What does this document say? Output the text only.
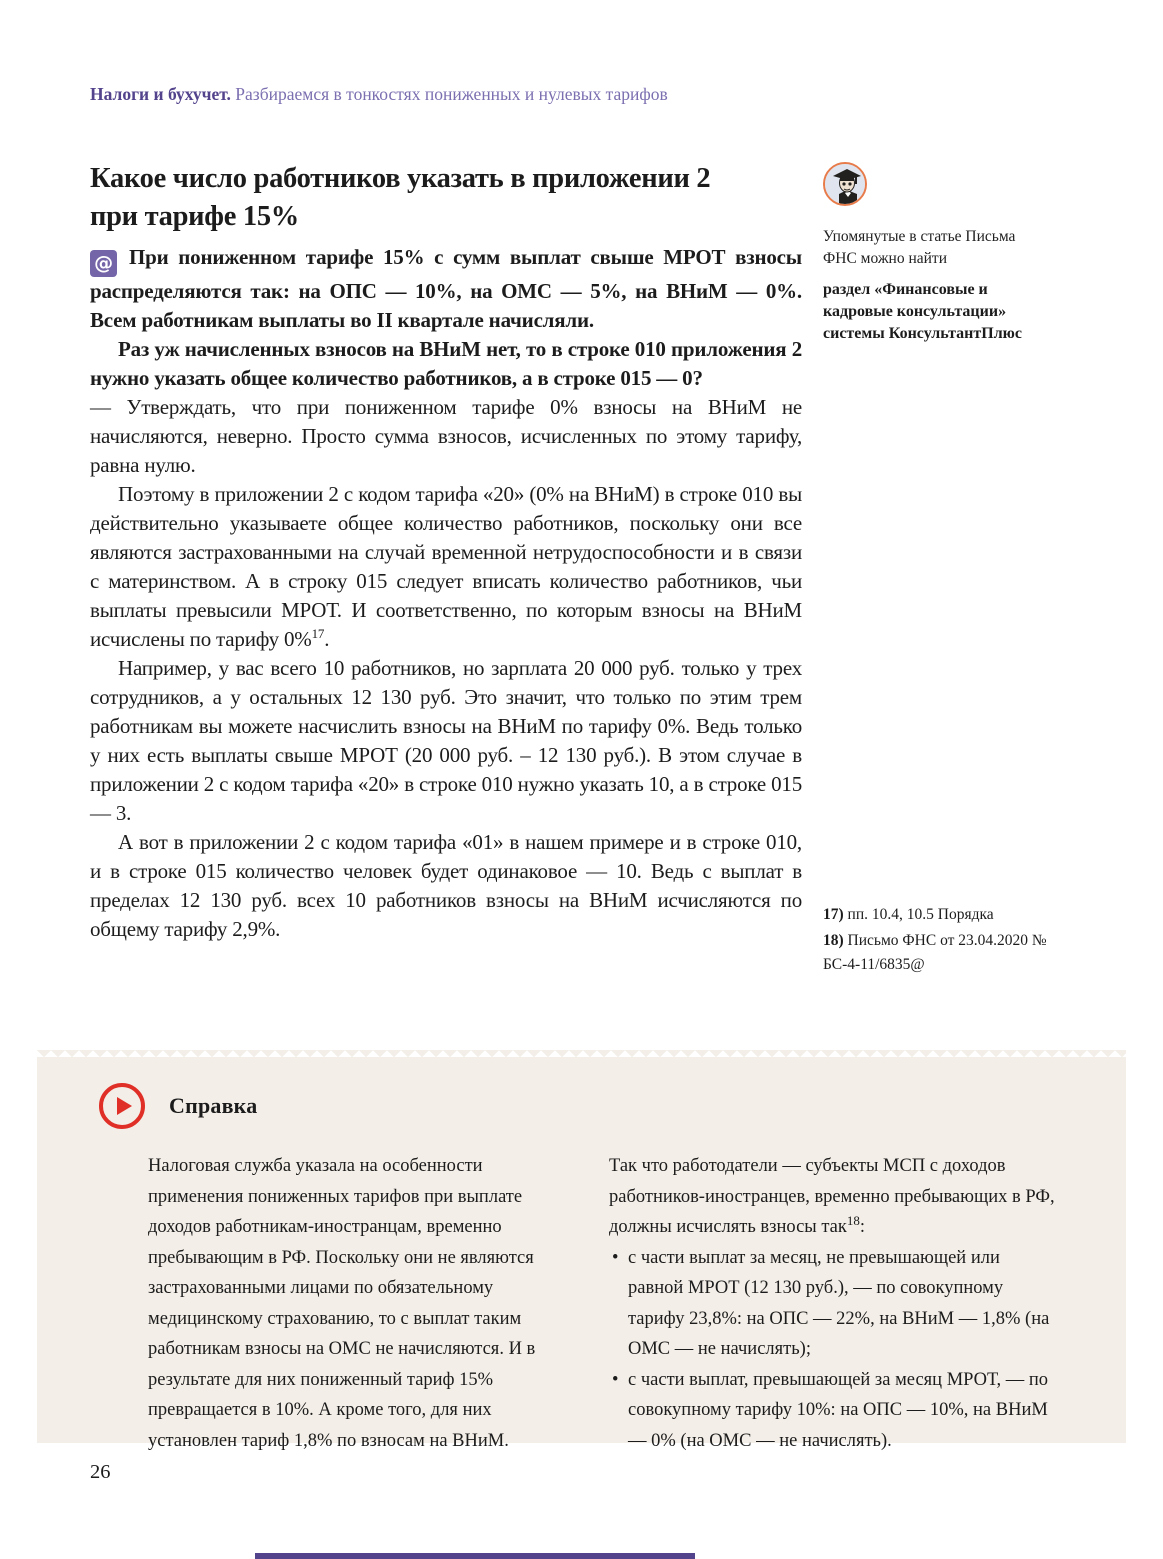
Налоги и бухучет. Разбираемся в тонкостях пониженных и нулевых тарифов
Какое число работников указать в приложении 2
при тарифе 15%

@ При пониженном тарифе 15% с сумм выплат свыше МРОТ взносы распределяются так: на ОПС — 10%, на ОМС — 5%, на ВНиМ — 0%. Всем работникам выплаты во II квартале начисляли.

Раз уж начисленных взносов на ВНиМ нет, то в строке 010 приложения 2 нужно указать общее количество работников, а в строке 015 — 0?

— Утверждать, что при пониженном тарифе 0% взносы на ВНиМ не начисляются, неверно. Просто сумма взносов, исчисленных по этому тарифу, равна нулю.

Поэтому в приложении 2 с кодом тарифа «20» (0% на ВНиМ) в строке 010 вы действительно указываете общее количество работников, поскольку они все являются застрахованными на случай временной нетрудоспособности и в связи с материнством. А в строку 015 следует вписать количество работников, чьи выплаты превысили МРОТ. И соответственно, по которым взносы на ВНиМ исчислены по тарифу 0%$^{17}$.

Например, у вас всего 10 работников, но зарплата 20 000 руб. только у трех сотрудников, а у остальных 12 130 руб. Это значит, что только по этим трем работникам вы можете насчислить взносы на ВНиМ по тарифу 0%. Ведь только у них есть выплаты свыше МРОТ (20 000 руб. – 12 130 руб.). В этом случае в приложении 2 с кодом тарифа «20» в строке 010 нужно указать 10, а в строке 015 — 3.

А вот в приложении 2 с кодом тарифа «01» в нашем примере и в строке 010, и в строке 015 количество человек будет одинаковое — 10. Ведь с выплат в пределах 12 130 руб. всех 10 работников взносы на ВНиМ исчисляются по общему тарифу 2,9%.

Упомянутые в статье Письма ФНС можно найти
раздел «Финансовые и кадровые консультации» системы КонсультантПлюс
17) пп. 10.4, 10.5 Порядка
18) Письмо ФНС от 23.04.2020 № БС-4-11/6835@
Справка
Налоговая служба указала на особенности применения пониженных тарифов при выплате доходов работникам-иностранцам, временно пребывающим в РФ. Поскольку они не являются застрахованными лицами по обязательному медицинскому страхованию, то с выплат таким работникам взносы на ОМС не начисляются. И в результате для них пониженный тариф 15% превращается в 10%. А кроме того, для них установлен тариф 1,8% по взносам на ВНиМ.
Так что работодатели — субъекты МСП с доходов работников-иностранцев, временно пребывающих в РФ, должны исчислять взносы так$^{18}$:
• с части выплат за месяц, не превышающей или равной МРОТ (12 130 руб.), — по совокупному тарифу 23,8%: на ОПС — 22%, на ВНиМ — 1,8% (на ОМС — не начислять);
• с части выплат, превышающей за месяц МРОТ, — по совокупному тарифу 10%: на ОПС — 10%, на ВНиМ — 0% (на ОМС — не начислять).
26
